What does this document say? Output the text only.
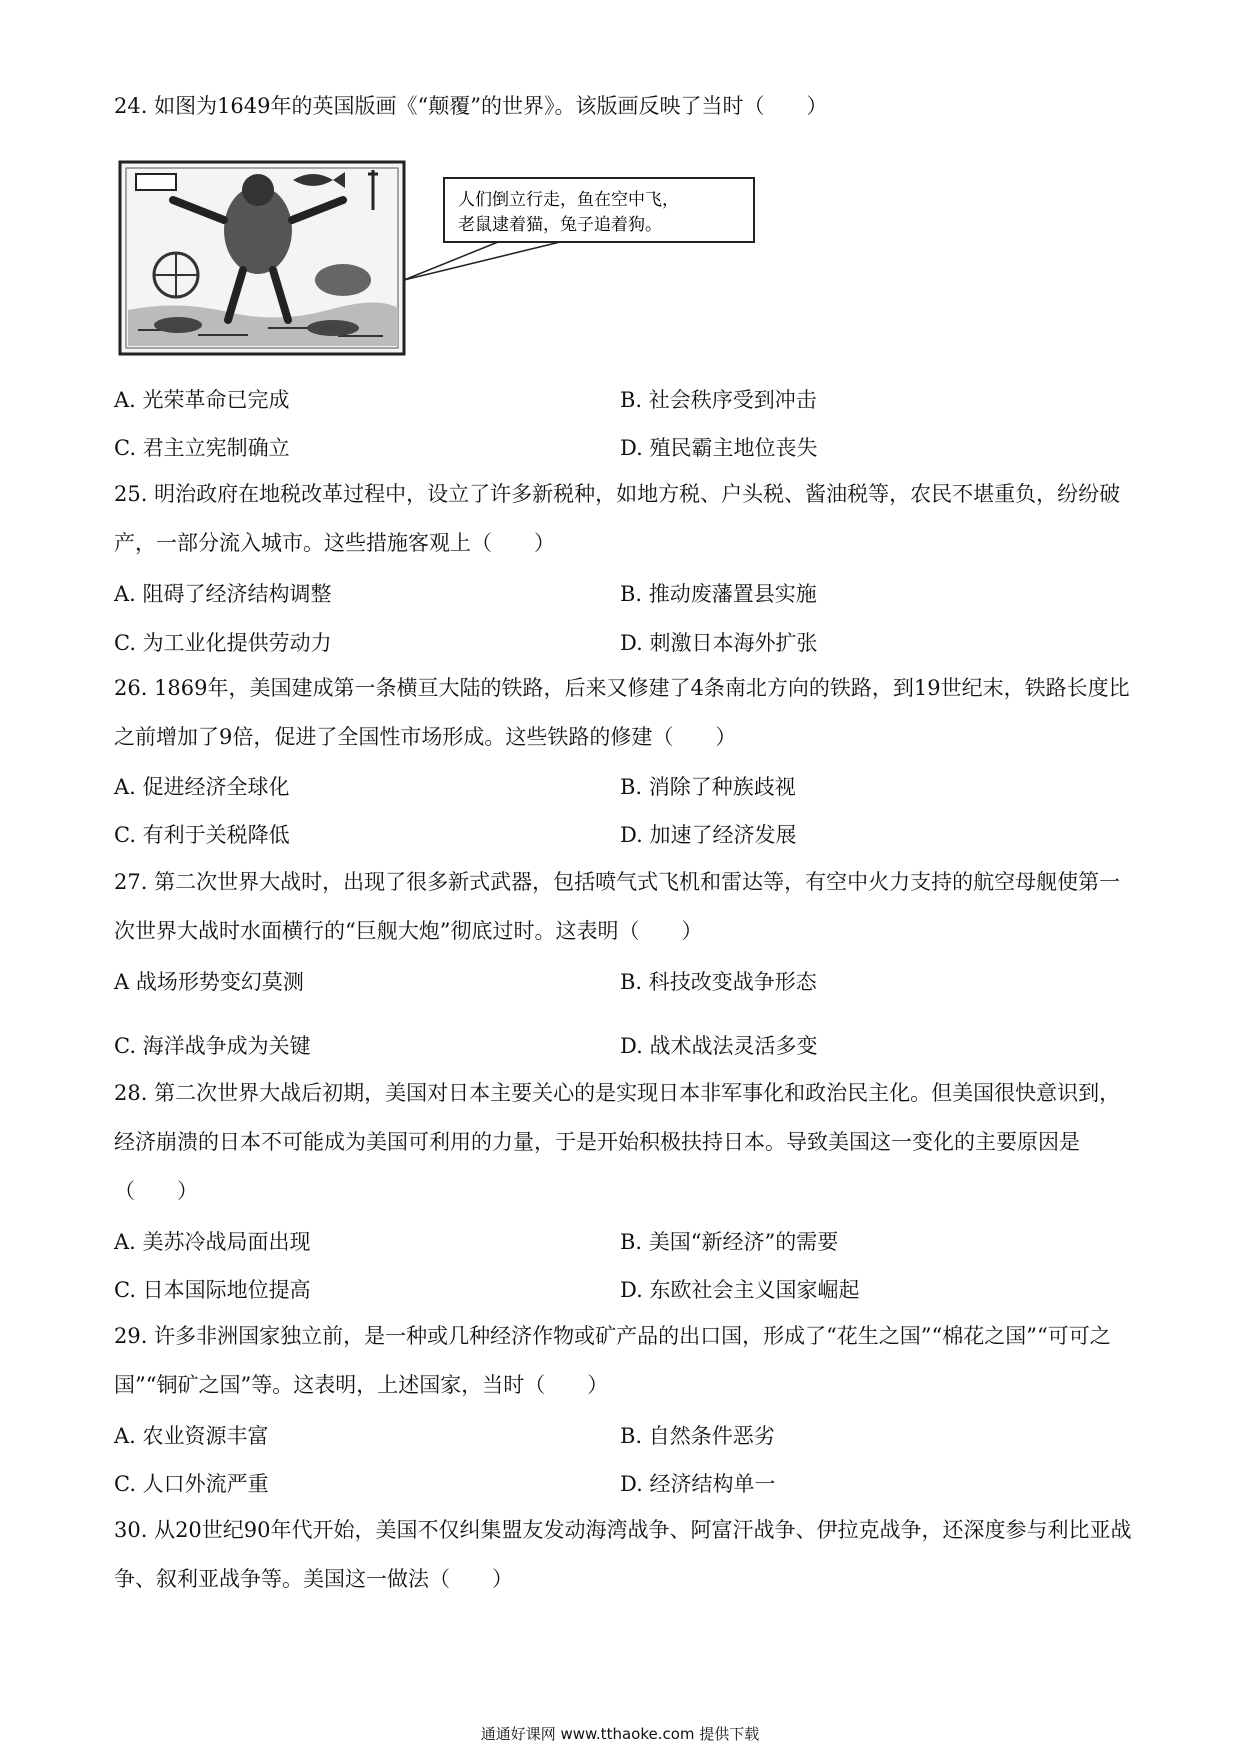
24. 如图为1649年的英国版画《“颠覆”的世界》。该版画反映了当时（　　）
人们倒立行走，鱼在空中飞，
老鼠逮着猫，兔子追着狗。
A. 光荣革命已完成	B. 社会秩序受到冲击
C. 君主立宪制确立	D. 殖民霸主地位丧失
25. 明治政府在地税改革过程中，设立了许多新税种，如地方税、户头税、酱油税等，农民不堪重负，纷纷破产，一部分流入城市。这些措施客观上（　　）
A. 阻碍了经济结构调整	B. 推动废藩置县实施
C. 为工业化提供劳动力	D. 刺激日本海外扩张
26. 1869年，美国建成第一条横亘大陆的铁路，后来又修建了4条南北方向的铁路，到19世纪末，铁路长度比之前增加了9倍，促进了全国性市场形成。这些铁路的修建（　　）
A. 促进经济全球化	B. 消除了种族歧视
C. 有利于关税降低	D. 加速了经济发展
27. 第二次世界大战时，出现了很多新式武器，包括喷气式飞机和雷达等，有空中火力支持的航空母舰使第一次世界大战时水面横行的“巨舰大炮”彻底过时。这表明（　　）
A 战场形势变幻莫测	B. 科技改变战争形态
C. 海洋战争成为关键	D. 战术战法灵活多变
28. 第二次世界大战后初期，美国对日本主要关心的是实现日本非军事化和政治民主化。但美国很快意识到，经济崩溃的日本不可能成为美国可利用的力量，于是开始积极扶持日本。导致美国这一变化的主要原因是（　　）
A. 美苏冷战局面出现	B. 美国“新经济”的需要
C. 日本国际地位提高	D. 东欧社会主义国家崛起
29. 许多非洲国家独立前，是一种或几种经济作物或矿产品的出口国，形成了“花生之国”“棉花之国”“可可之国”“铜矿之国”等。这表明，上述国家，当时（　　）
A. 农业资源丰富	B. 自然条件恶劣
C. 人口外流严重	D. 经济结构单一
30. 从20世纪90年代开始，美国不仅纠集盟友发动海湾战争、阿富汗战争、伊拉克战争，还深度参与利比亚战争、叙利亚战争等。美国这一做法（　　）
通通好课网 www.tthaoke.com 提供下载
